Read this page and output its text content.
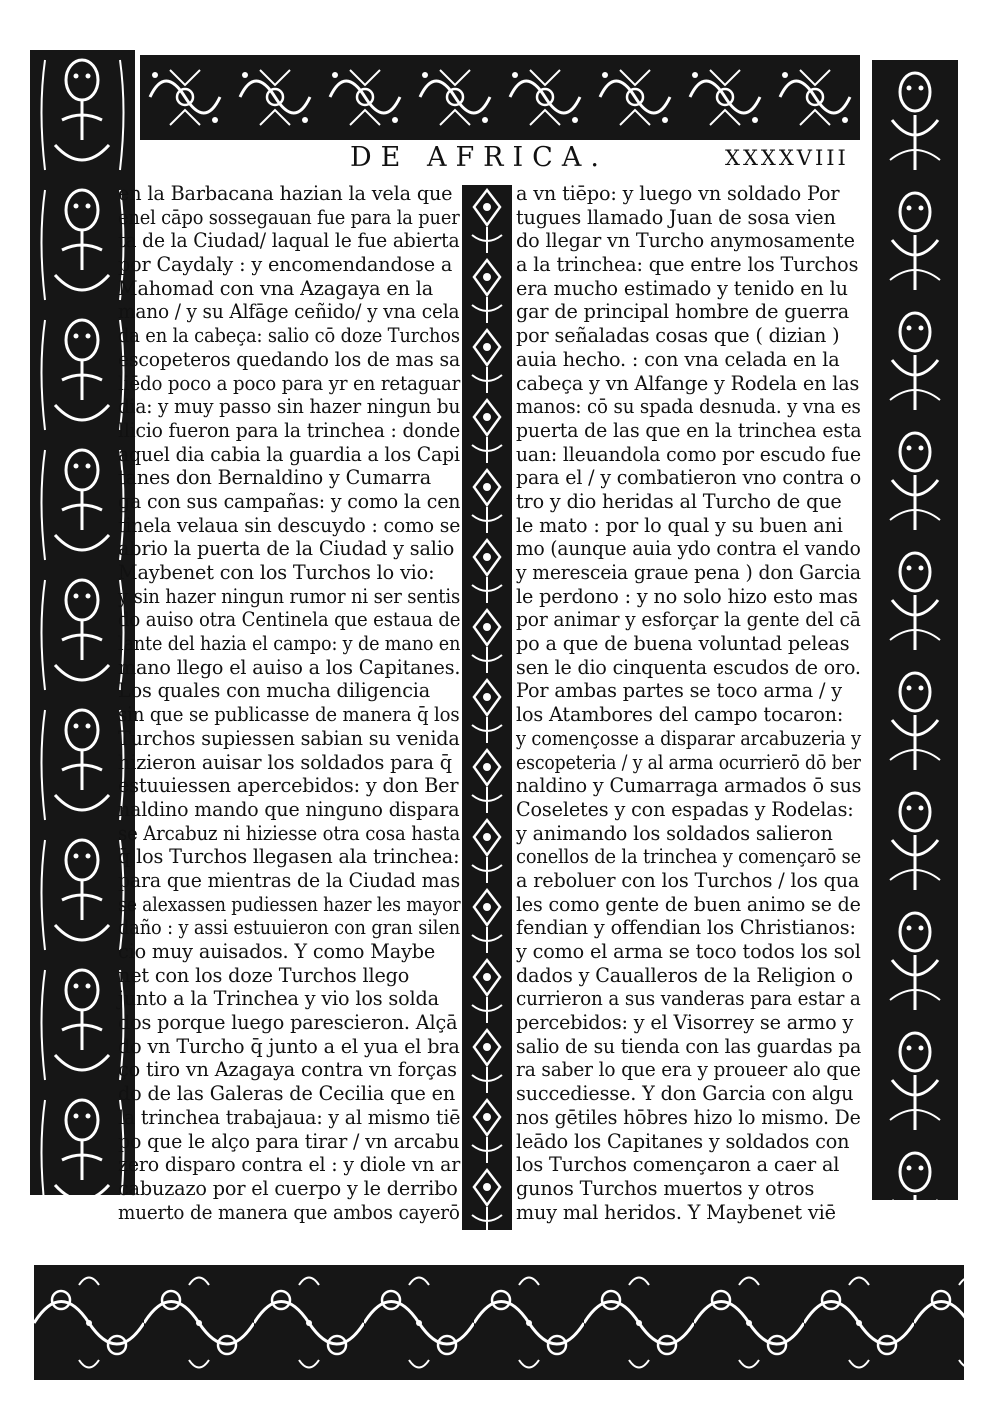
DE AFRICA.	XXXXVIII
en la Barbacana hazian la vela que
enel cāpo sossegauan fue para la puer
ta de la Ciudad/ laqual le fue abierta
por Caydaly : y encomendandose a
Mahomad con vna Azagaya en la
mano / y su Alfāge ceñido/ y vna cela
da en la cabeça: salio cō doze Turchos
escopeteros quedando los de mas sa
liēdo poco a poco para yr en retaguar
dia: y muy passo sin hazer ningun bu
llicio fueron para la trinchea : donde
aquel dia cabia la guardia a los Capi
tanes don Bernaldino y Cumarra
ga con sus campañas: y como la cen
tinela velaua sin descuydo : como se
abrio la puerta de la Ciudad y salio
Maybenet con los Turchos lo vio:
y sin hazer ningun rumor ni ser sentis
do auiso otra Centinela que estaua de
lante del hazia el campo: y de mano en
mano llego el auiso a los Capitanes.
Los quales con mucha diligencia
sin que se publicasse de manera q̄ los
Turchos supiessen sabian su venida
hizieron auisar los soldados para q̄
estuuiessen apercebidos: y don Ber
naldino mando que ninguno dispara
se Arcabuz ni hiziesse otra cosa hasta
q̄ los Turchos llegasen ala trinchea:
para que mientras de la Ciudad mas
se alexassen pudiessen hazer les mayor
daño : y assi estuuieron con gran silen
cio muy auisados. Y como Maybe
net con los doze Turchos llego
junto a la Trinchea y vio los solda
dos porque luego parescieron. Alçā
do vn Turcho q̄ junto a el yua el bra
ço tiro vn Azagaya contra vn forças
do de las Galeras de Cecilia que en
la trinchea trabajaua: y al mismo tiē
po que le alço para tirar / vn arcabu
zero disparo contra el : y diole vn ar
cabuzazo por el cuerpo y le derribo
muerto de manera que ambos cayerō
a vn tiēpo: y luego vn soldado Por
tugues llamado Juan de sosa vien
do llegar vn Turcho anymosamente
a la trinchea: que entre los Turchos
era mucho estimado y tenido en lu
gar de principal hombre de guerra
por señaladas cosas que ( dizian )
auia hecho. : con vna celada en la
cabeça y vn Alfange y Rodela en las
manos: cō su spada desnuda. y vna es
puerta de las que en la trinchea esta
uan: lleuandola como por escudo fue
para el / y combatieron vno contra o
tro y dio heridas al Turcho de que
le mato : por lo qual y su buen ani
mo (aunque auia ydo contra el vando
y meresceia graue pena ) don Garcia
le perdono : y no solo hizo esto mas
por animar y esforçar la gente del cā
po a que de buena voluntad peleas
sen le dio cinquenta escudos de oro.
Por ambas partes se toco arma / y
los Atambores del campo tocaron:
y començosse a disparar arcabuzeria y
escopeteria / y al arma ocurrierō dō ber
naldino y Cumarraga armados ō sus
Coseletes y con espadas y Rodelas:
y animando los soldados salieron
conellos de la trinchea y començarō se
a reboluer con los Turchos / los qua
les como gente de buen animo se de
fendian y offendian los Christianos:
y como el arma se toco todos los sol
dados y Caualleros de la Religion o
currieron a sus vanderas para estar a
percebidos: y el Visorrey se armo y
salio de su tienda con las guardas pa
ra saber lo que era y proueer alo que
succediesse. Y don Garcia con algu
nos gētiles hōbres hizo lo mismo. De
leādo los Capitanes y soldados con
los Turchos començaron a caer al
gunos Turchos muertos y otros
muy mal heridos. Y Maybenet viē
